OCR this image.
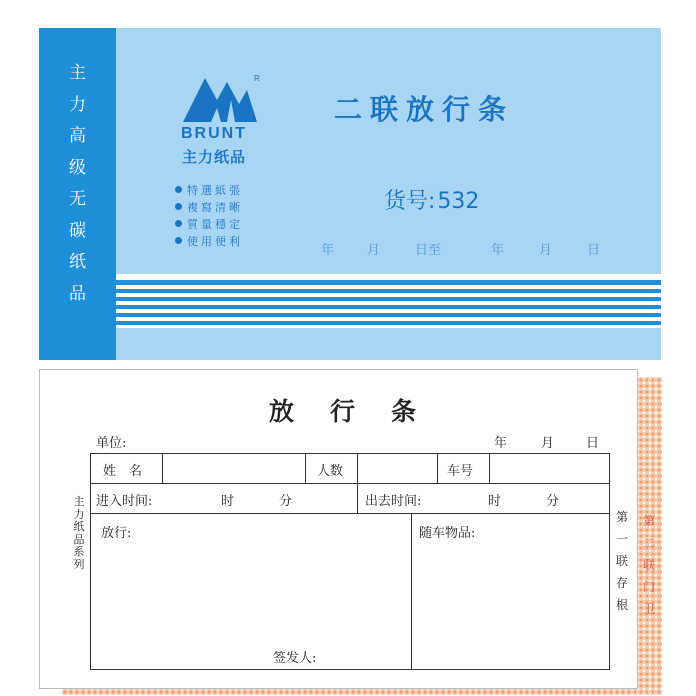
第
二
联
门
卫
主
力
高
级
无
碳
纸
品
R
BRUNT
主力纸品
特選紙張
複寫清晰
質量穩定
使用便利
二联放行条
货号:532
年	月	日至	年	月	日
放行条
单位:	年	月 日
主
力
纸
品
系
列
第
一
联
存
根
姓　名	人数	车号
进入时间:	时	分	出去时间:	时	分
放行:	随车物品:
签发人:
